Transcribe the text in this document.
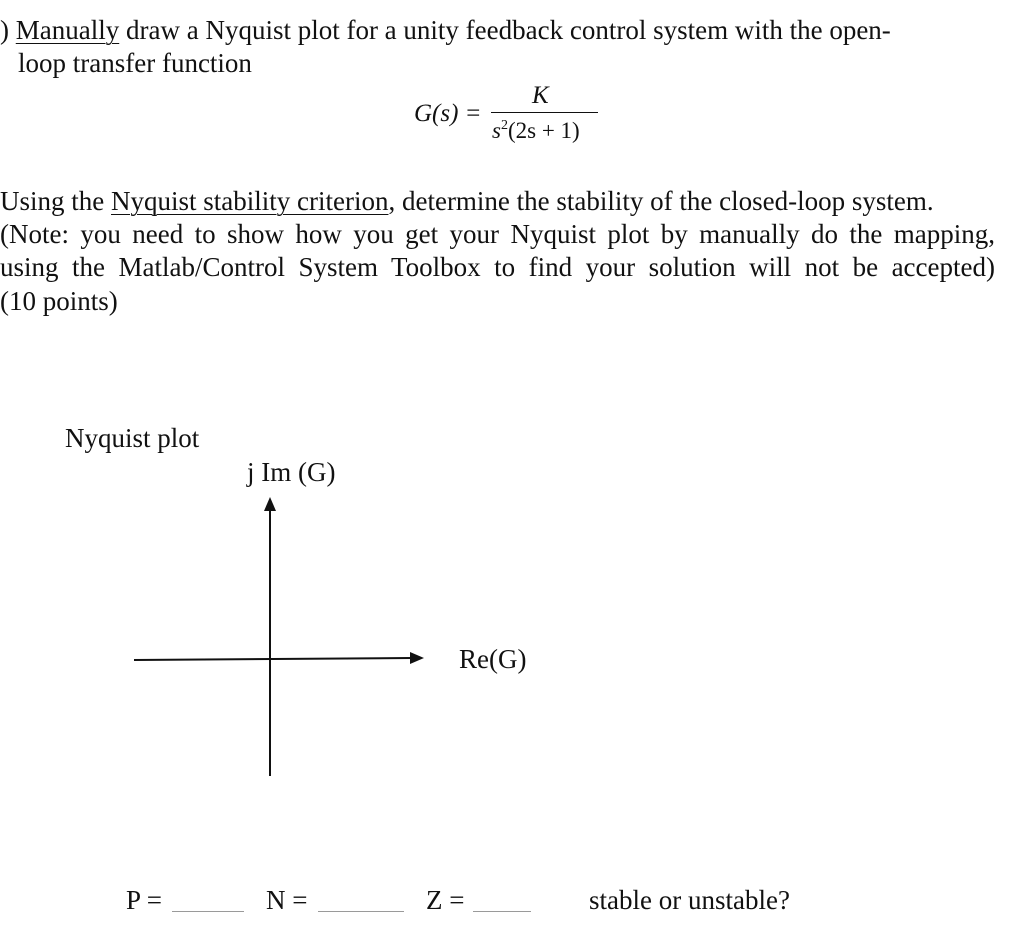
) Manually draw a Nyquist plot for a unity feedback control system with the open-
loop transfer function
G(s) =
K
$s^2(2s + 1)$
Using the Nyquist stability criterion, determine the stability of the closed-loop system.
(Note: you need to show how you get your Nyquist plot by manually do the mapping,
using the Matlab/Control System Toolbox to find your solution will not be accepted)
(10 points)
Nyquist plot
j Im (G)
Re(G)
P =	N =	Z =	stable or unstable?
